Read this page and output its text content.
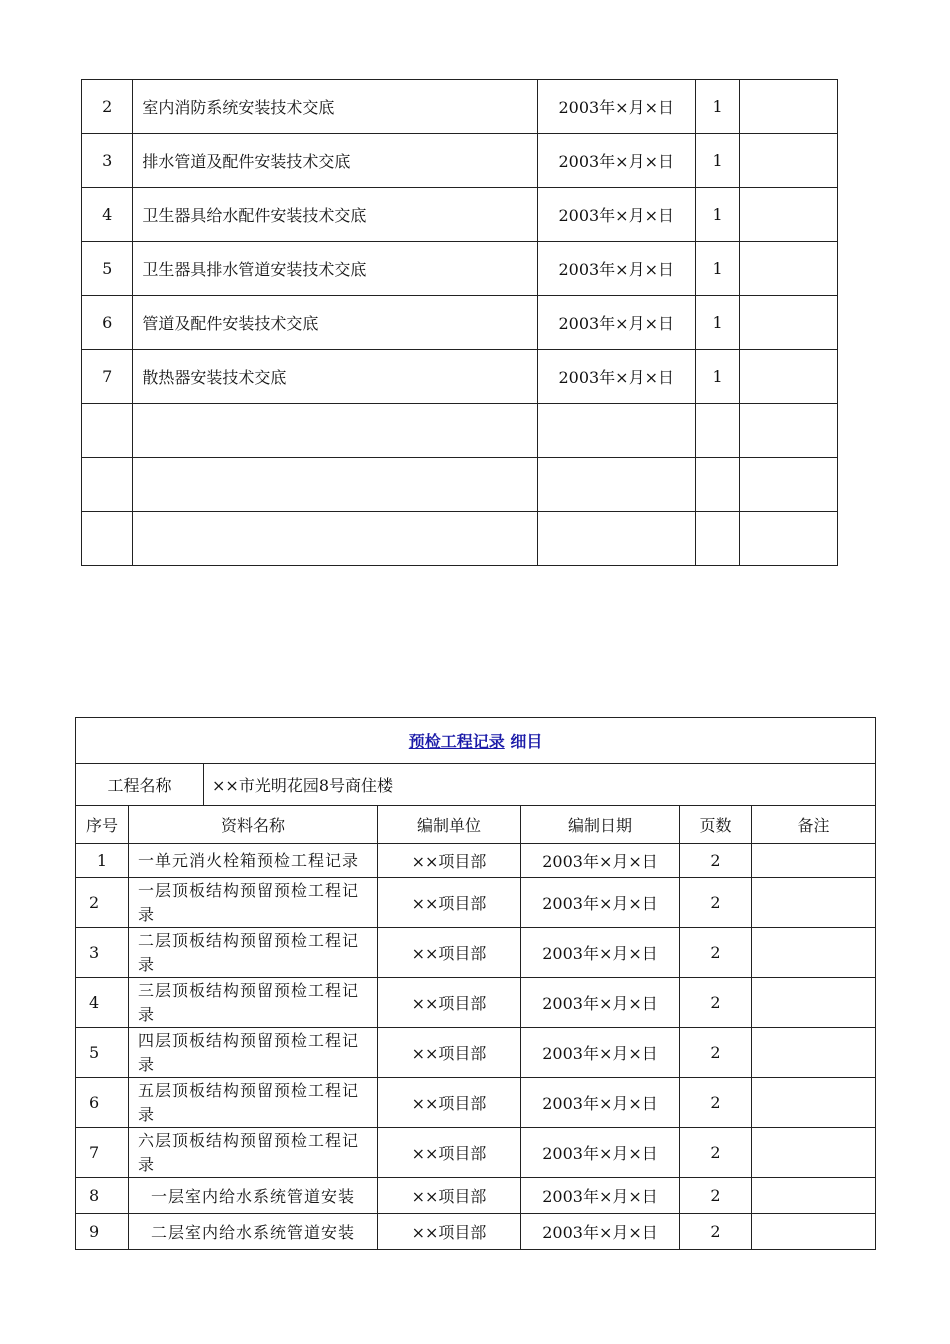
2	室内消防系统安装技术交底	2003年×月×日	1	
3	排水管道及配件安装技术交底	2003年×月×日	1	
4	卫生器具给水配件安装技术交底	2003年×月×日	1	
5	卫生器具排水管道安装技术交底	2003年×月×日	1	
6	管道及配件安装技术交底	2003年×月×日	1	
7	散热器安装技术交底	2003年×月×日	1	

预检工程记录 细目						
工程名称		××市光明花园8号商住楼				
序号	资料名称		编制单位	编制日期	页数	备注
1	一单元消火栓箱预检工程记录		××项目部	2003年×月×日	2	
2	一层顶板结构预留预检工程记录		××项目部	2003年×月×日	2	
3	二层顶板结构预留预检工程记录		××项目部	2003年×月×日	2	
4	三层顶板结构预留预检工程记录		××项目部	2003年×月×日	2	
5	四层顶板结构预留预检工程记录		××项目部	2003年×月×日	2	
6	五层顶板结构预留预检工程记录		××项目部	2003年×月×日	2	
7	六层顶板结构预留预检工程记录		××项目部	2003年×月×日	2	
8	一层室内给水系统管道安装		××项目部	2003年×月×日	2	
9	二层室内给水系统管道安装		××项目部	2003年×月×日	2	
